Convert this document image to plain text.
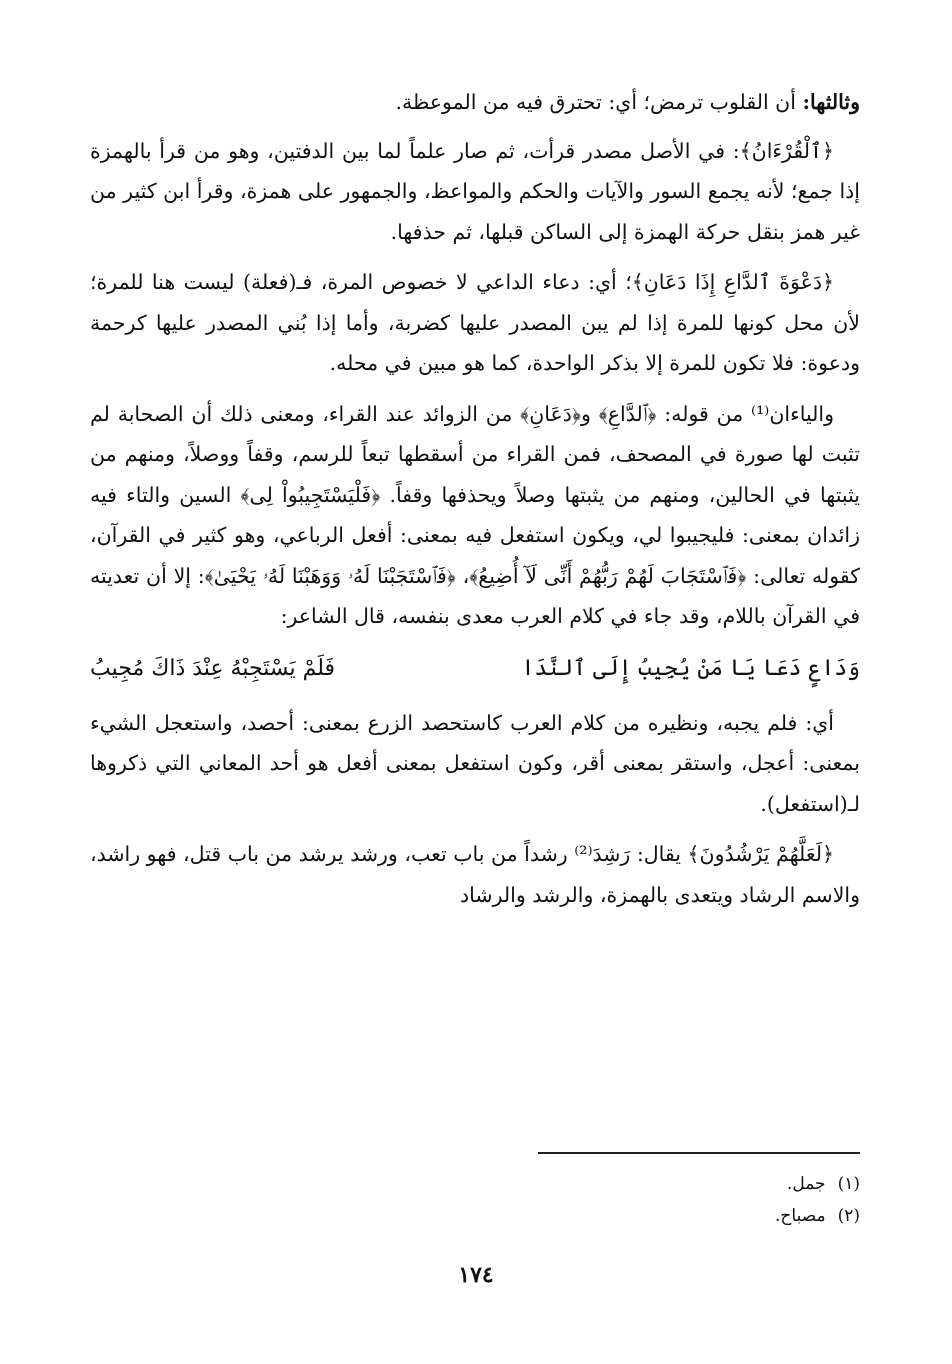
وثالثها: أن القلوب ترمض؛ أي: تحترق فيه من الموعظة.

﴿ٱلْقُرْءَانُ﴾: في الأصل مصدر قرأت، ثم صار علماً لما بين الدفتين، وهو من قرأ بالهمزة إذا جمع؛ لأنه يجمع السور والآيات والحكم والمواعظ، والجمهور على همزة، وقرأ ابن كثير من غير همز بنقل حركة الهمزة إلى الساكن قبلها، ثم حذفها.

﴿دَعْوَةَ ٱلدَّاعِ إِذَا دَعَانِ﴾؛ أي: دعاء الداعي لا خصوص المرة، فـ(فعلة) ليست هنا للمرة؛ لأن محل كونها للمرة إذا لم يبن المصدر عليها كضربة، وأما إذا بُني المصدر عليها كرحمة ودعوة: فلا تكون للمرة إلا بذكر الواحدة، كما هو مبين في محله.

والياءان⁽¹⁾ من قوله: ﴿ٱلدَّاعِ﴾ و﴿دَعَانِ﴾ من الزوائد عند القراء، ومعنى ذلك أن الصحابة لم تثبت لها صورة في المصحف، فمن القراء من أسقطها تبعاً للرسم، وقفاً ووصلاً، ومنهم من يثبتها في الحالين، ومنهم من يثبتها وصلاً ويحذفها وقفاً. ﴿فَلْيَسْتَجِيبُواْ لِى﴾ السين والتاء فيه زائدان بمعنى: فليجيبوا لي، ويكون استفعل فيه بمعنى: أفعل الرباعي، وهو كثير في القرآن، كقوله تعالى: ﴿فَٱسْتَجَابَ لَهُمْ رَبُّهُمْ أَنِّى لَآ أُضِيعُ﴾، ﴿فَٱسْتَجَبْنَا لَهُۥ وَوَهَبْنَا لَهُۥ يَحْيَىٰ﴾: إلا أن تعديته في القرآن باللام، وقد جاء في كلام العرب معدى بنفسه، قال الشاعر:

وَدَاعٍ دَعَا يَا مَنْ يُجِيبُ إِلَى ٱلنَّدَا
فَلَمْ يَسْتَجِبْهُ عِنْدَ ذَاكَ مُجِيبُ

أي: فلم يجبه، ونظيره من كلام العرب كاستحصد الزرع بمعنى: أحصد، واستعجل الشيء بمعنى: أعجل، واستقر بمعنى أقر، وكون استفعل بمعنى أفعل هو أحد المعاني التي ذكروها لـ(استفعل).

﴿لَعَلَّهُمْ يَرْشُدُونَ﴾ يقال: رَشِدَ⁽²⁾ رشداً من باب تعب، ورشد يرشد من باب قتل، فهو راشد، والاسم الرشاد ويتعدى بالهمزة، والرشد والرشاد

(١)جمل.
(٢)مصباح.
١٧٤
